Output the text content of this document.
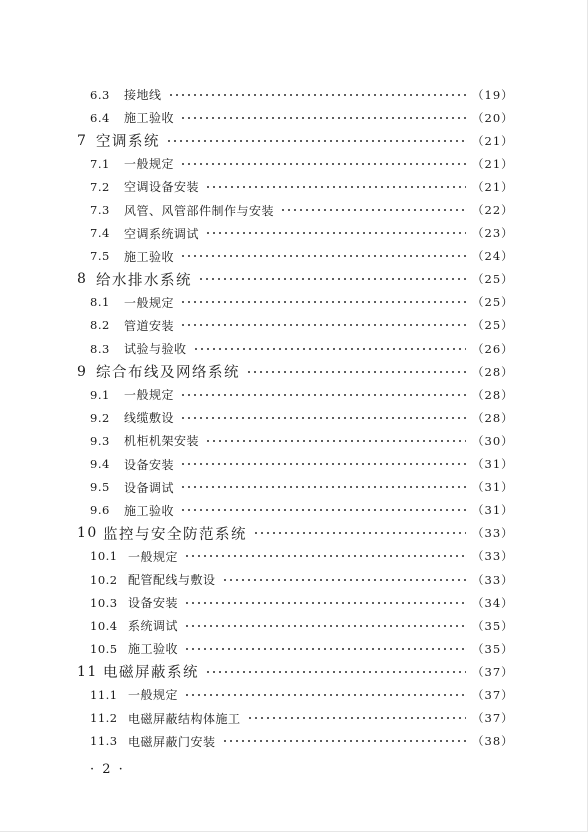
6.3 接地线	（19）
6.4 施工验收	（20）
7 空调系统	（21）
7.1 一般规定	（21）
7.2 空调设备安装	（21）
7.3 风管、风管部件制作与安装	（22）
7.4 空调系统调试	（23）
7.5 施工验收	（24）
8 给水排水系统	（25）
8.1 一般规定	（25）
8.2 管道安装	（25）
8.3 试验与验收	（26）
9 综合布线及网络系统	（28）
9.1 一般规定	（28）
9.2 线缆敷设	（28）
9.3 机柜机架安装	（30）
9.4 设备安装	（31）
9.5 设备调试	（31）
9.6 施工验收	（31）
10 监控与安全防范系统	（33）
10.1 一般规定	（33）
10.2 配管配线与敷设	（33）
10.3 设备安装	（34）
10.4 系统调试	（35）
10.5 施工验收	（35）
11 电磁屏蔽系统	（37）
11.1 一般规定	（37）
11.2 电磁屏蔽结构体施工	（37）
11.3 电磁屏蔽门安装	（38）
· 2 ·
